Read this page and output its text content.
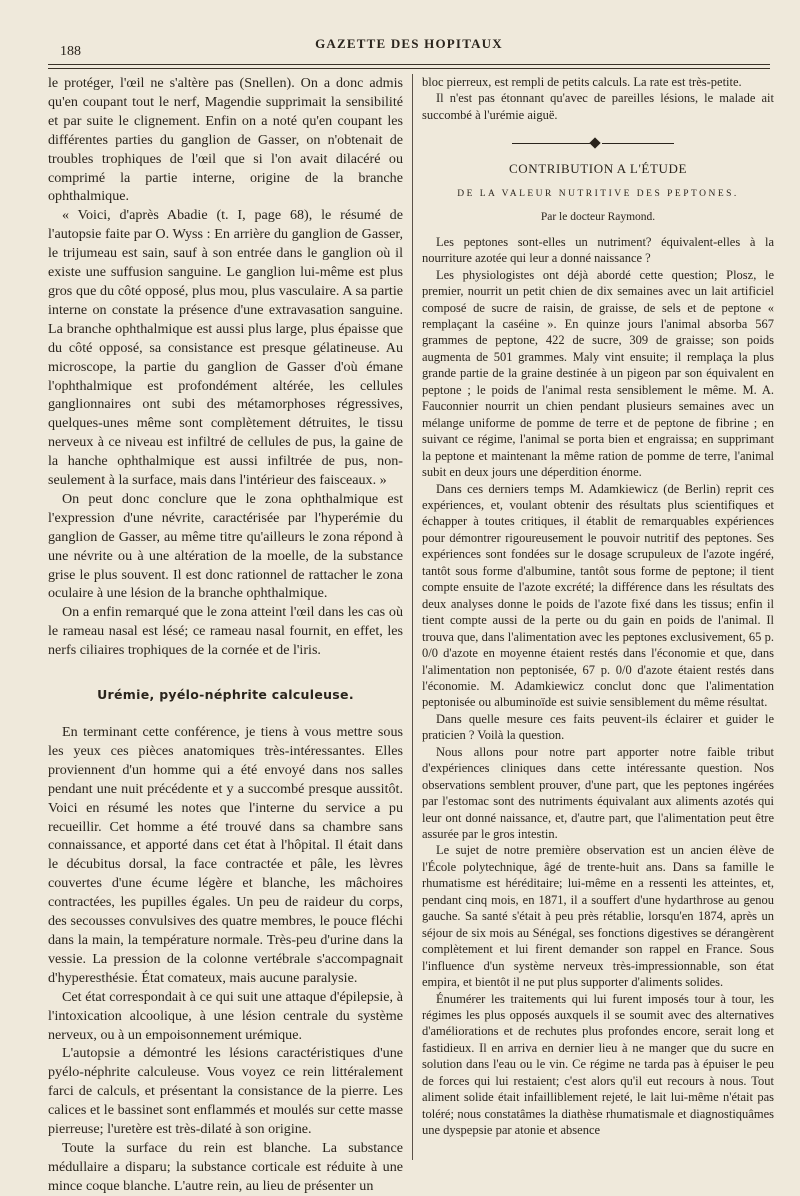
188
GAZETTE DES HOPITAUX

le protéger, l'œil ne s'altère pas (Snellen). On a donc admis qu'en coupant tout le nerf, Magendie supprimait la sensibilité et par suite le clignement. Enfin on a noté qu'en coupant les différentes parties du ganglion de Gasser, on n'obtenait de troubles trophiques de l'œil que si l'on avait dilacéré ou comprimé la partie interne, origine de la branche ophthalmique.

« Voici, d'après Abadie (t. I, page 68), le résumé de l'autopsie faite par O. Wyss : En arrière du ganglion de Gasser, le trijumeau est sain, sauf à son entrée dans le ganglion où il existe une suffusion sanguine. Le ganglion lui-même est plus gros que du côté opposé, plus mou, plus vasculaire. A sa partie interne on constate la présence d'une extravasation sanguine. La branche ophthalmique est aussi plus large, plus épaisse que du côté opposé, sa consistance est presque gélatineuse. Au microscope, la partie du ganglion de Gasser d'où émane l'ophthalmique est profondément altérée, les cellules ganglionnaires ont subi des métamorphoses régressives, quelques-unes même sont complètement détruites, le tissu nerveux à ce niveau est infiltré de cellules de pus, la gaine de la hanche ophthalmique est aussi infiltrée de pus, non-seulement à la surface, mais dans l'intérieur des faisceaux. »

On peut donc conclure que le zona ophthalmique est l'expression d'une névrite, caractérisée par l'hyperémie du ganglion de Gasser, au même titre qu'ailleurs le zona répond à une névrite ou à une altération de la moelle, de la substance grise le plus souvent. Il est donc rationnel de rattacher le zona oculaire à une lésion de la branche ophthalmique.

On a enfin remarqué que le zona atteint l'œil dans les cas où le rameau nasal est lésé; ce rameau nasal fournit, en effet, les nerfs ciliaires trophiques de la cornée et de l'iris.

Urémie, pyélo-néphrite calculeuse.

En terminant cette conférence, je tiens à vous mettre sous les yeux ces pièces anatomiques très-intéressantes. Elles proviennent d'un homme qui a été envoyé dans nos salles pendant une nuit précédente et y a succombé presque aussitôt. Voici en résumé les notes que l'interne du service a pu recueillir. Cet homme a été trouvé dans sa chambre sans connaissance, et apporté dans cet état à l'hôpital. Il était dans le décubitus dorsal, la face contractée et pâle, les lèvres couvertes d'une écume légère et blanche, les mâchoires contractées, les pupilles égales. Un peu de raideur du corps, des secousses convulsives des quatre membres, le pouce fléchi dans la main, la température normale. Très-peu d'urine dans la vessie. La pression de la colonne vertébrale s'accompagnait d'hyperesthésie. État comateux, mais aucune paralysie.

Cet état correspondait à ce qui suit une attaque d'épilepsie, à l'intoxication alcoolique, à une lésion centrale du système nerveux, ou à un empoisonnement urémique.

L'autopsie a démontré les lésions caractéristiques d'une pyélo-néphrite calculeuse. Vous voyez ce rein littéralement farci de calculs, et présentant la consistance de la pierre. Les calices et le bassinet sont enflammés et moulés sur cette masse pierreuse; l'uretère est très-dilaté à son origine.

Toute la surface du rein est blanche. La substance médullaire a disparu; la substance corticale est réduite à une mince coque blanche. L'autre rein, au lieu de présenter un

bloc pierreux, est rempli de petits calculs. La rate est très-petite.

Il n'est pas étonnant qu'avec de pareilles lésions, le malade ait succombé à l'urémie aiguë.

CONTRIBUTION A L'ÉTUDE
DE LA VALEUR NUTRITIVE DES PEPTONES.
Par le docteur Raymond.

Les peptones sont-elles un nutriment? équivalent-elles à la nourriture azotée qui leur a donné naissance ?

Les physiologistes ont déjà abordé cette question; Plosz, le premier, nourrit un petit chien de dix semaines avec un lait artificiel composé de sucre de raisin, de graisse, de sels et de peptone « remplaçant la caséine ». En quinze jours l'animal absorba 567 grammes de peptone, 422 de sucre, 309 de graisse; son poids augmenta de 501 grammes. Maly vint ensuite; il remplaça la plus grande partie de la graine destinée à un pigeon par son équivalent en peptone ; le poids de l'animal resta sensiblement le même. M. A. Fauconnier nourrit un chien pendant plusieurs semaines avec un mélange uniforme de pomme de terre et de peptone de fibrine ; en suivant ce régime, l'animal se porta bien et engraissa; en supprimant la peptone et maintenant la même ration de pomme de terre, l'animal subit en deux jours une déperdition énorme.

Dans ces derniers temps M. Adamkiewicz (de Berlin) reprit ces expériences, et, voulant obtenir des résultats plus scientifiques et échapper à toutes critiques, il établit de remarquables expériences pour démontrer rigoureusement le pouvoir nutritif des peptones. Ses expériences sont fondées sur le dosage scrupuleux de l'azote ingéré, tantôt sous forme d'albumine, tantôt sous forme de peptone; il tient compte ensuite de l'azote excrété; la différence dans les résultats des deux analyses donne le poids de l'azote fixé dans les tissus; enfin il tient compte aussi de la perte ou du gain en poids de l'animal. Il trouva que, dans l'alimentation avec les peptones exclusivement, 65 p. 0/0 d'azote en moyenne étaient restés dans l'économie et que, dans l'alimentation non peptonisée, 67 p. 0/0 d'azote étaient restés dans l'économie. M. Adamkiewicz conclut donc que l'alimentation peptonisée ou albuminoïde est suivie sensiblement du même résultat.

Dans quelle mesure ces faits peuvent-ils éclairer et guider le praticien ? Voilà la question.

Nous allons pour notre part apporter notre faible tribut d'expériences cliniques dans cette intéressante question. Nos observations semblent prouver, d'une part, que les peptones ingérées par l'estomac sont des nutriments équivalant aux aliments azotés qui leur ont donné naissance, et, d'autre part, que l'alimentation peut être assurée par le gros intestin.

Le sujet de notre première observation est un ancien élève de l'École polytechnique, âgé de trente-huit ans. Dans sa famille le rhumatisme est héréditaire; lui-même en a ressenti les atteintes, et, pendant cinq mois, en 1871, il a souffert d'une hydarthrose au genou gauche. Sa santé s'était à peu près rétablie, lorsqu'en 1874, après un séjour de six mois au Sénégal, ses fonctions digestives se dérangèrent complètement et lui firent demander son rappel en France. Sous l'influence d'un système nerveux très-impressionnable, son état empira, et bientôt il ne put plus supporter d'aliments solides.

Énumérer les traitements qui lui furent imposés tour à tour, les régimes les plus opposés auxquels il se soumit avec des alternatives d'améliorations et de rechutes plus profondes encore, serait long et fastidieux. Il en arriva en dernier lieu à ne manger que du sucre en solution dans l'eau ou le vin. Ce régime ne tarda pas à épuiser le peu de forces qui lui restaient; c'est alors qu'il eut recours à nous. Tout aliment solide était infailliblement rejeté, le lait lui-même n'était pas toléré; nous constatâmes la diathèse rhumatismale et diagnostiquâmes une dyspepsie par atonie et absence
